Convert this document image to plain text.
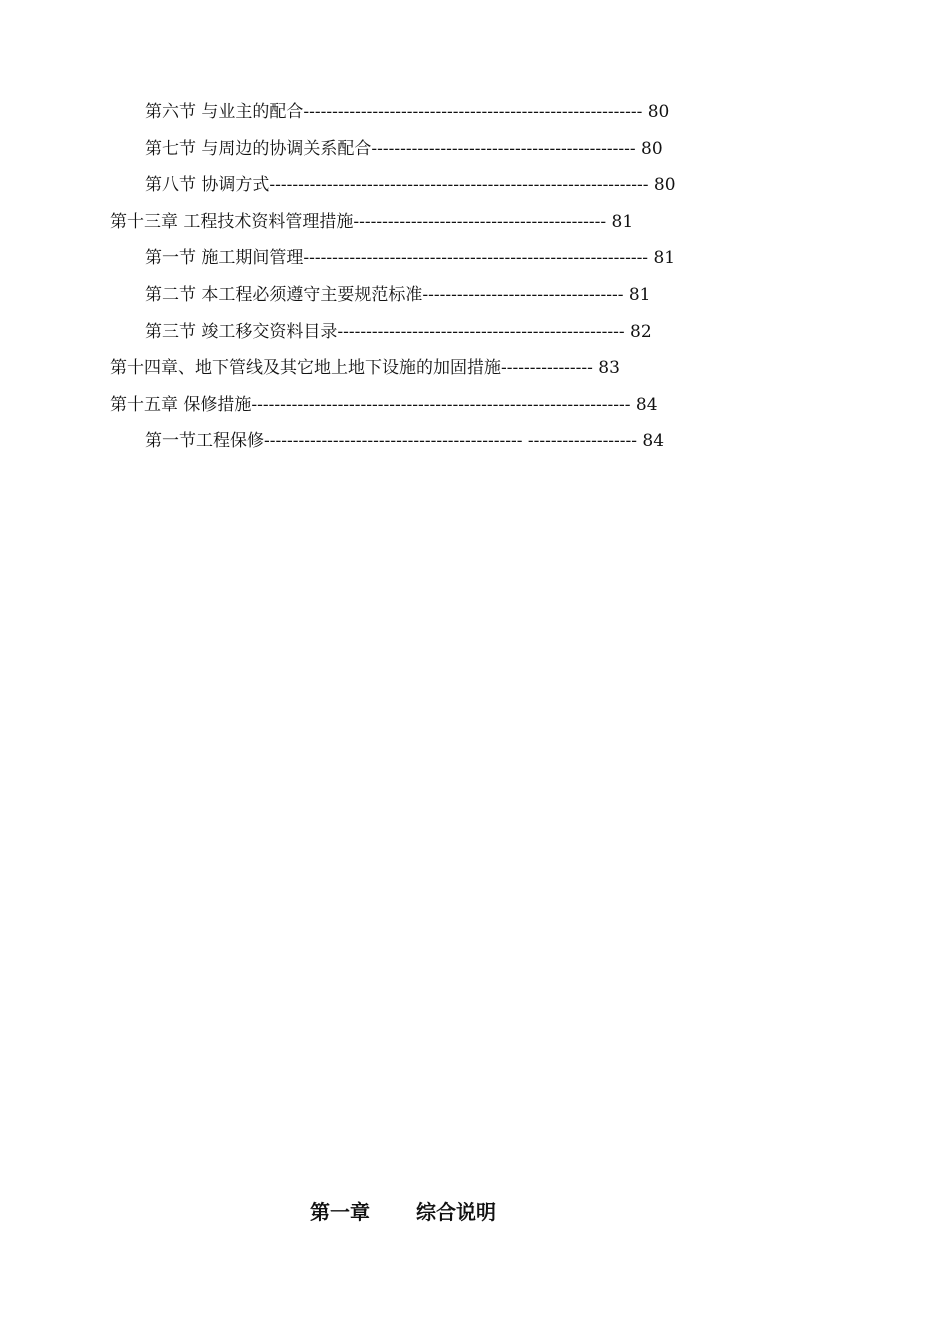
第六节 与业主的配合----------------------------------------------------------- 80
第七节 与周边的协调关系配合---------------------------------------------- 80
第八节 协调方式------------------------------------------------------------------ 80
第十三章 工程技术资料管理措施-------------------------------------------- 81
第一节 施工期间管理------------------------------------------------------------ 81
第二节 本工程必须遵守主要规范标准----------------------------------- 81
第三节 竣工移交资料目录-------------------------------------------------- 82
第十四章、地下管线及其它地上地下设施的加固措施---------------- 83
第十五章 保修措施------------------------------------------------------------------ 84
第一节工程保修--------------------------------------------- ------------------- 84
第一章 综合说明
